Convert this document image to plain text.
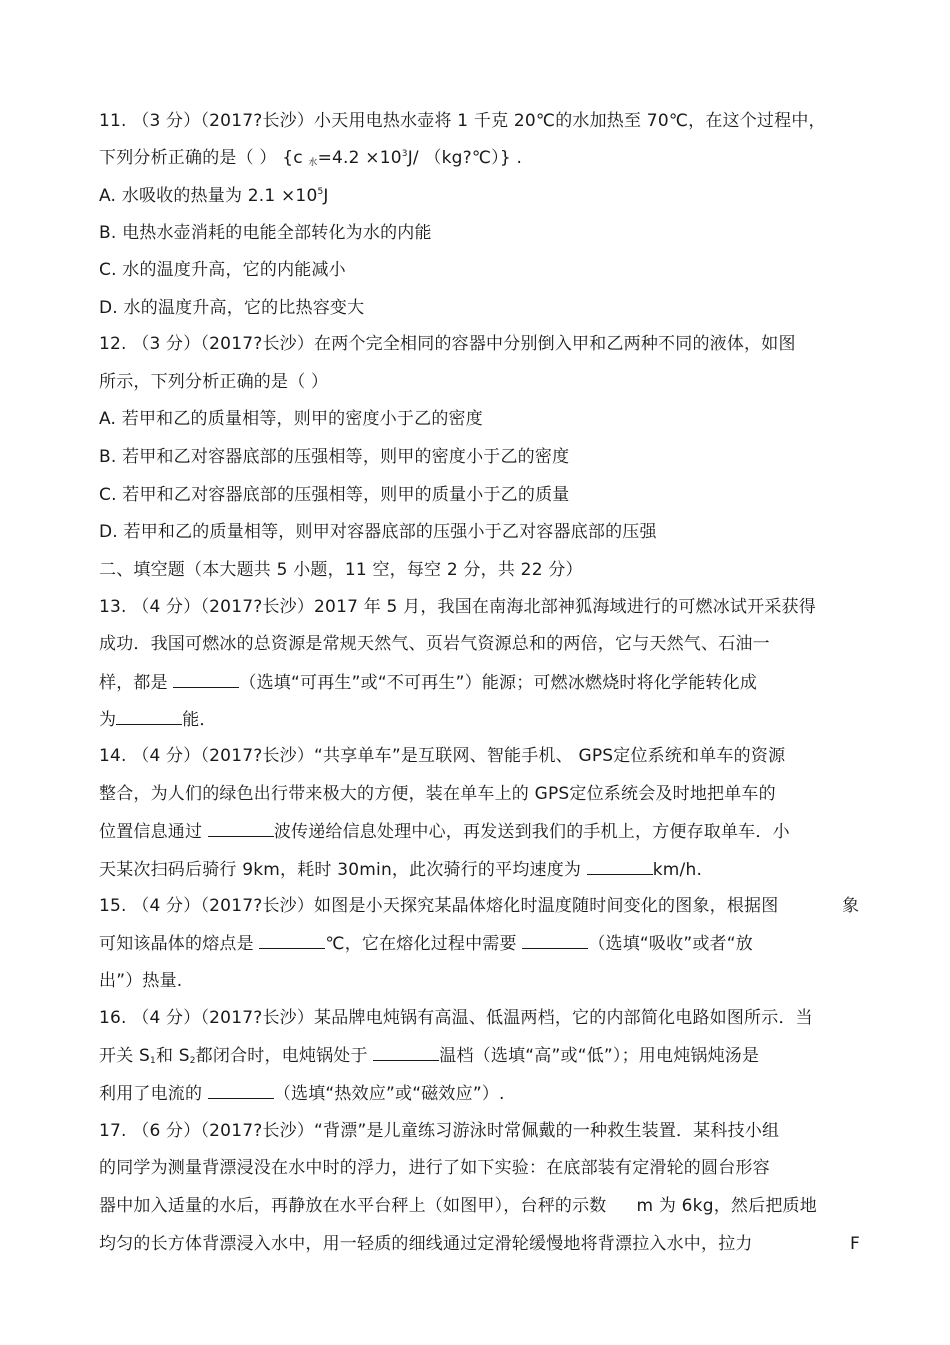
11. （3 分）（2017?长沙）小天用电热水壶将 1 千克 20℃的水加热至 70℃，在这个过程中，
下列分析正确的是（ ） {c $_水=4.2 \times 10^3J/$ （kg?℃）} .
A. 水吸收的热量为 $2.1 \times 10^5J$
B. 电热水壶消耗的电能全部转化为水的内能
C. 水的温度升高，它的内能减小
D. 水的温度升高，它的比热容变大
12. （3 分）（2017?长沙）在两个完全相同的容器中分别倒入甲和乙两种不同的液体，如图
所示，下列分析正确的是（ ）
A. 若甲和乙的质量相等，则甲的密度小于乙的密度
B. 若甲和乙对容器底部的压强相等，则甲的密度小于乙的密度
C. 若甲和乙对容器底部的压强相等，则甲的质量小于乙的质量
D. 若甲和乙的质量相等，则甲对容器底部的压强小于乙对容器底部的压强
二、填空题（本大题共 5 小题，11 空，每空 2 分，共 22 分）
13. （4 分）（2017?长沙）2017 年 5 月，我国在南海北部神狐海域进行的可燃冰试开采获得
成功．我国可燃冰的总资源是常规天然气、页岩气资源总和的两倍，它与天然气、石油一
样，都是	（选填“可再生”或“不可再生”）能源；可燃冰燃烧时将化学能转化成
为	能．
14. （4 分）（2017?长沙）“共享单车”是互联网、智能手机、 GPS定位系统和单车的资源
整合，为人们的绿色出行带来极大的方便，装在单车上的 GPS定位系统会及时地把单车的
位置信息通过	波传递给信息处理中心，再发送到我们的手机上，方便存取单车．小
天某次扫码后骑行 9km，耗时 30min，此次骑行的平均速度为	km/h.
15. （4 分）（2017?长沙）如图是小天探究某晶体熔化时温度随时间变化的图象，根据图	象
可知该晶体的熔点是	℃，它在熔化过程中需要	（选填“吸收”或者“放
出”）热量.
16. （4 分）（2017?长沙）某品牌电炖锅有高温、低温两档，它的内部简化电路如图所示．当
开关 $S_1$和 $S_2$都闭合时，电炖锅处于	温档（选填“高”或“低”）；用电炖锅炖汤是
利用了电流的	（选填“热效应”或“磁效应”）.
17. （6 分）（2017?长沙）“背漂”是儿童练习游泳时常佩戴的一种救生装置．某科技小组
的同学为测量背漂浸没在水中时的浮力，进行了如下实验：在底部装有定滑轮的圆台形容
器中加入适量的水后，再静放在水平台秤上（如图甲），台秤的示数 m 为 6kg，然后把质地
均匀的长方体背漂浸入水中，用一轻质的细线通过定滑轮缓慢地将背漂拉入水中，拉力	F
